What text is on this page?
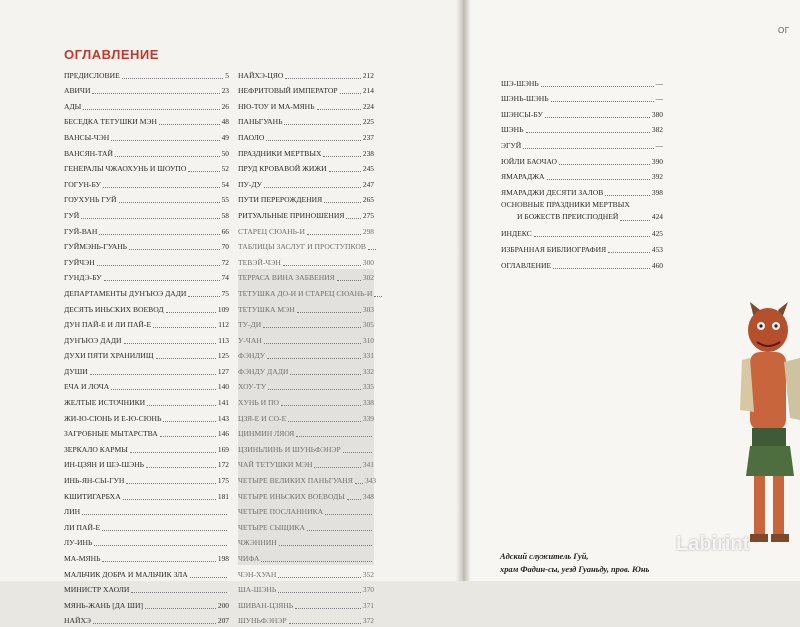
ОГЛАВЛЕНИЕ
ОГ
ПРЕДИСЛОВИЕ	5
АВИЧИ	23
АДЫ	26
БЕСЕДКА ТЕТУШКИ МЭН	48
ВАНСЫ-ЧЭН	49
ВАНСЯН-ТАЙ	50
ГЕНЕРАЛЫ ЧЖАОХУНЬ И ШОУПО	52
ГОГУН-БУ	54
ГОУХУНЬ ГУЙ	55
ГУЙ	58
ГУЙ-ВАН	66
ГУЙМЭНЬ-ГУАНЬ	70
ГУЙЧЭН	72
ГУНДЭ-БУ	74
ДЕПАРТАМЕНТЫ ДУНЪЮЭ ДАДИ	75
ДЕСЯТЬ ИНЬСКИХ ВОЕВОД	109
ДУН ПАЙ-Е И ЛИ ПАЙ-Е	112
ДУНЪЮЭ ДАДИ	113
ДУХИ ПЯТИ ХРАНИЛИЩ	125
ДУШИ	127
ЕЧА И ЛОЧА	140
ЖЕЛТЫЕ ИСТОЧНИКИ	141
ЖИ-Ю-СЮНЬ И Е-Ю-СЮНЬ	143
ЗАГРОБНЫЕ МЫТАРСТВА	146
ЗЕРКАЛО КАРМЫ	169
ИН-ЦЗЯН И ШЭ-ШЭНЬ	172
ИНЬ-ЯН-СЫ-ГУН	175
КШИТИГАРБХА	181
ЛИН
ЛИ ПАЙ-Е
ЛУ-ИНЬ
МА-МЯНЬ	198
МАЛЬЧИК ДОБРА И МАЛЬЧИК ЗЛА
МИНИСТР ХАОЛИ
МЯНЬ-ЖАНЬ [ДА ШИ]	200
НАЙХЭ	207
НАЙХЭ-ЦЯО	212
НЕФРИТОВЫЙ ИМПЕРАТОР	214
НЮ-ТОУ И МА-МЯНЬ	224
ПАНЬГУАНЬ	225
ПАОЛО	237
ПРАЗДНИКИ МЕРТВЫХ	238
ПРУД КРОВАВОЙ ЖИЖИ	245
ПУ-ДУ	247
ПУТИ ПЕРЕРОЖДЕНИЯ	265
РИТУАЛЬНЫЕ ПРИНОШЕНИЯ	275
СТАРЕЦ СЮАНЬ-И	298
ТАБЛИЦЫ ЗАСЛУГ И ПРОСТУПКОВ
ТЕВЭЙ-ЧЭН	300
ТЕРРАСА ВИНА ЗАБВЕНИЯ	302
ТЕТУШКА ДО-И И СТАРЕЦ СЮАНЬ-И
ТЕТУШКА МЭН	303
ТУ-ДИ	305
У-ЧАН	310
ФЭНДУ	331
ФЭНДУ ДАДИ	332
ХОУ-ТУ	335
ХУНЬ И ПО	338
ЦЗЯ-Е И СО-Е	339
ЦИНМИН ЛЯОЯ
ЦЗИНЬЛИНЬ И ШУНЬФЭНЭР
ЧАЙ ТЕТУШКИ МЭН	341
ЧЕТЫРЕ ВЕЛИКИХ ПАНЬГУАНЯ 343
ЧЕТЫРЕ ИНЬСКИХ ВОЕВОДЫ 348
ЧЕТЫРЕ ПОСЛАННИКА
ЧЕТЫРЕ СЫЩИКА
ЧЖЭННИН
ЧИФА
ЧЭН-ХУАН	352
ША-ШЭНЬ	370
ШИВАН-ЦЗЯНЬ	371
ШУНЬФЭНЭР	372
ШЭ-ШЭНЬ	—
ШЭНЬ-ШЭНЬ	—
ШЭНСЫ-БУ	380
ШЭНЬ	382
ЭГУЙ	—
ЮЙЛИ БАОЧАО	390
ЯМАРАДЖА	392
ЯМАРАДЖИ ДЕСЯТИ ЗАЛОВ	398
ОСНОВНЫЕ ПРАЗДНИКИ МЕРТВЫХ
И БОЖЕСТВ ПРЕИСПОДНЕЙ	424
ИНДЕКС	425
ИЗБРАННАЯ БИБЛИОГРАФИЯ	453
ОГЛАВЛЕНИЕ	460
Адский служитель Гуй,
храм Фадин-сы, уезд Гуаньду, пров. Юнь
Labirint
